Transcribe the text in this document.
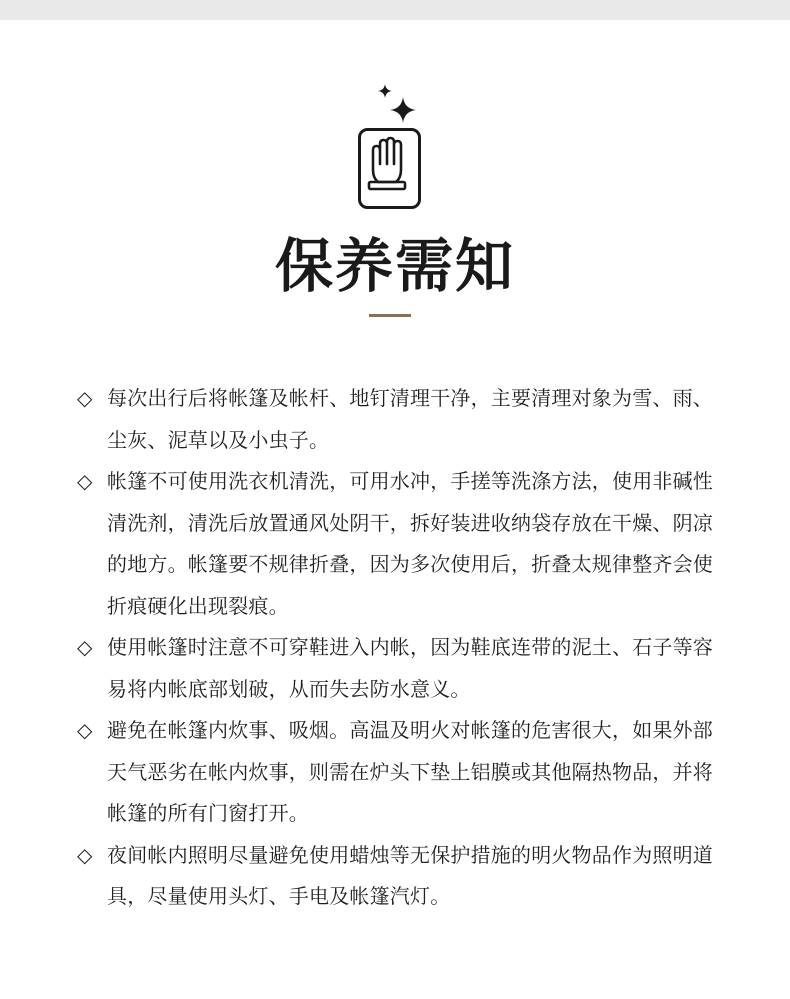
保养需知
◇ 每次出行后将帐篷及帐杆、地钉清理干净，主要清理对象为雪、雨、尘灰、泥草以及小虫子。
◇ 帐篷不可使用洗衣机清洗，可用水冲，手搓等洗涤方法，使用非碱性清洗剂，清洗后放置通风处阴干，拆好装进收纳袋存放在干燥、阴凉的地方。帐篷要不规律折叠，因为多次使用后，折叠太规律整齐会使折痕硬化出现裂痕。
◇ 使用帐篷时注意不可穿鞋进入内帐，因为鞋底连带的泥土、石子等容易将内帐底部划破，从而失去防水意义。
◇ 避免在帐篷内炊事、吸烟。高温及明火对帐篷的危害很大，如果外部天气恶劣在帐内炊事，则需在炉头下垫上铝膜或其他隔热物品，并将帐篷的所有门窗打开。
◇ 夜间帐内照明尽量避免使用蜡烛等无保护措施的明火物品作为照明道具，尽量使用头灯、手电及帐篷汽灯。
